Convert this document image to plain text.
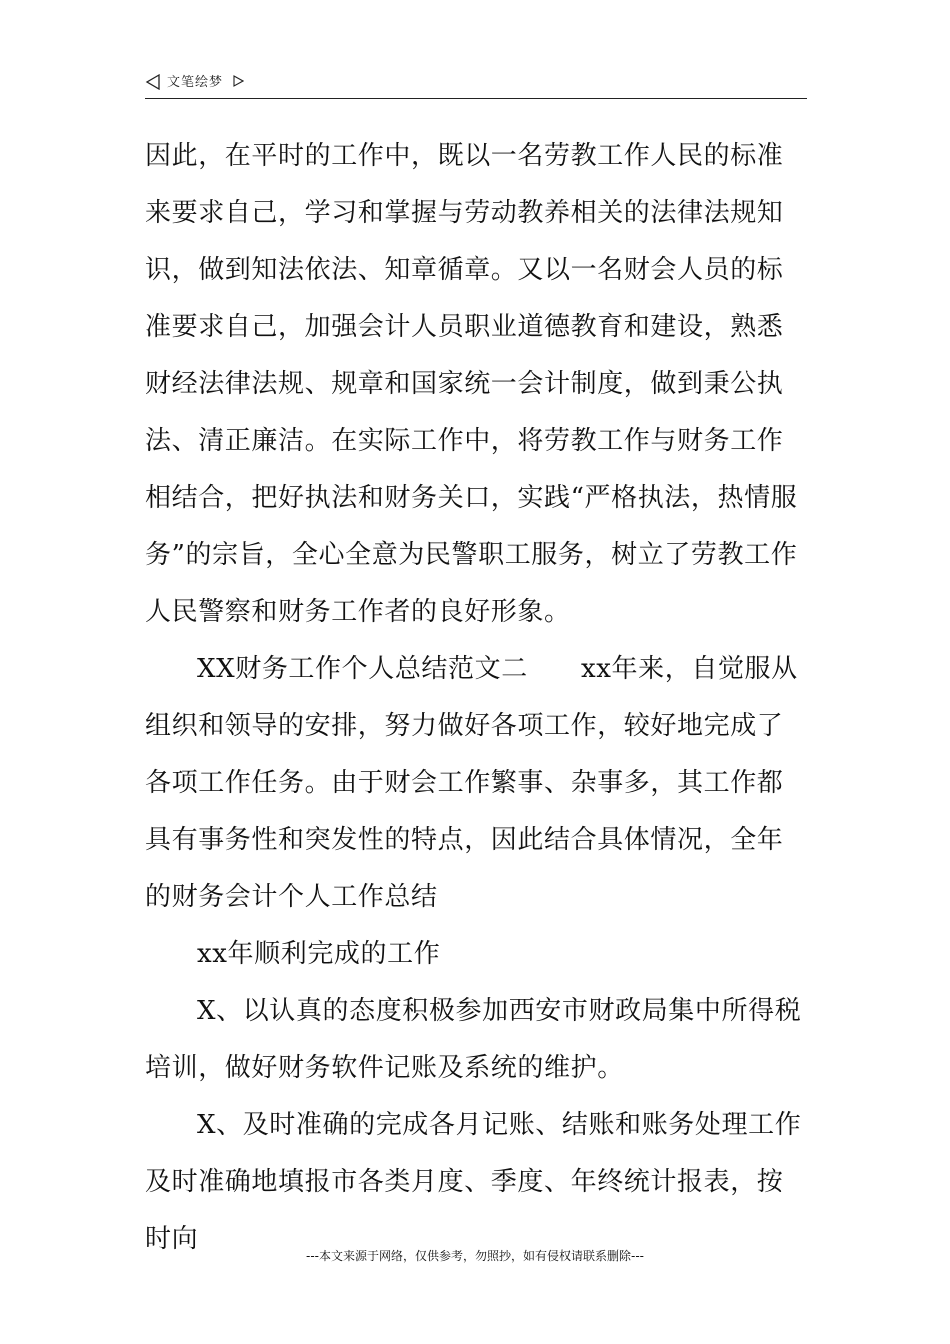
文笔绘梦

因此，在平时的工作中，既以一名劳教工作人民的标准来要求自己，学习和掌握与劳动教养相关的法律法规知识，做到知法依法、知章循章。又以一名财会人员的标准要求自己，加强会计人员职业道德教育和建设，熟悉财经法律法规、规章和国家统一会计制度，做到秉公执法、清正廉洁。在实际工作中，将劳教工作与财务工作相结合，把好执法和财务关口，实践“严格执法，热情服务”的宗旨，全心全意为民警职工服务，树立了劳教工作人民警察和财务工作者的良好形象。

XX财务工作个人总结范文二　　xx年来，自觉服从组织和领导的安排，努力做好各项工作，较好地完成了各项工作任务。由于财会工作繁事、杂事多，其工作都具有事务性和突发性的特点，因此结合具体情况，全年的财务会计个人工作总结

xx年顺利完成的工作

X、以认真的态度积极参加西安市财政局集中所得税培训，做好财务软件记账及系统的维护。

X、及时准确的完成各月记账、结账和账务处理工作及时准确地填报市各类月度、季度、年终统计报表，按时向

---本文来源于网络，仅供参考，勿照抄，如有侵权请联系删除---
